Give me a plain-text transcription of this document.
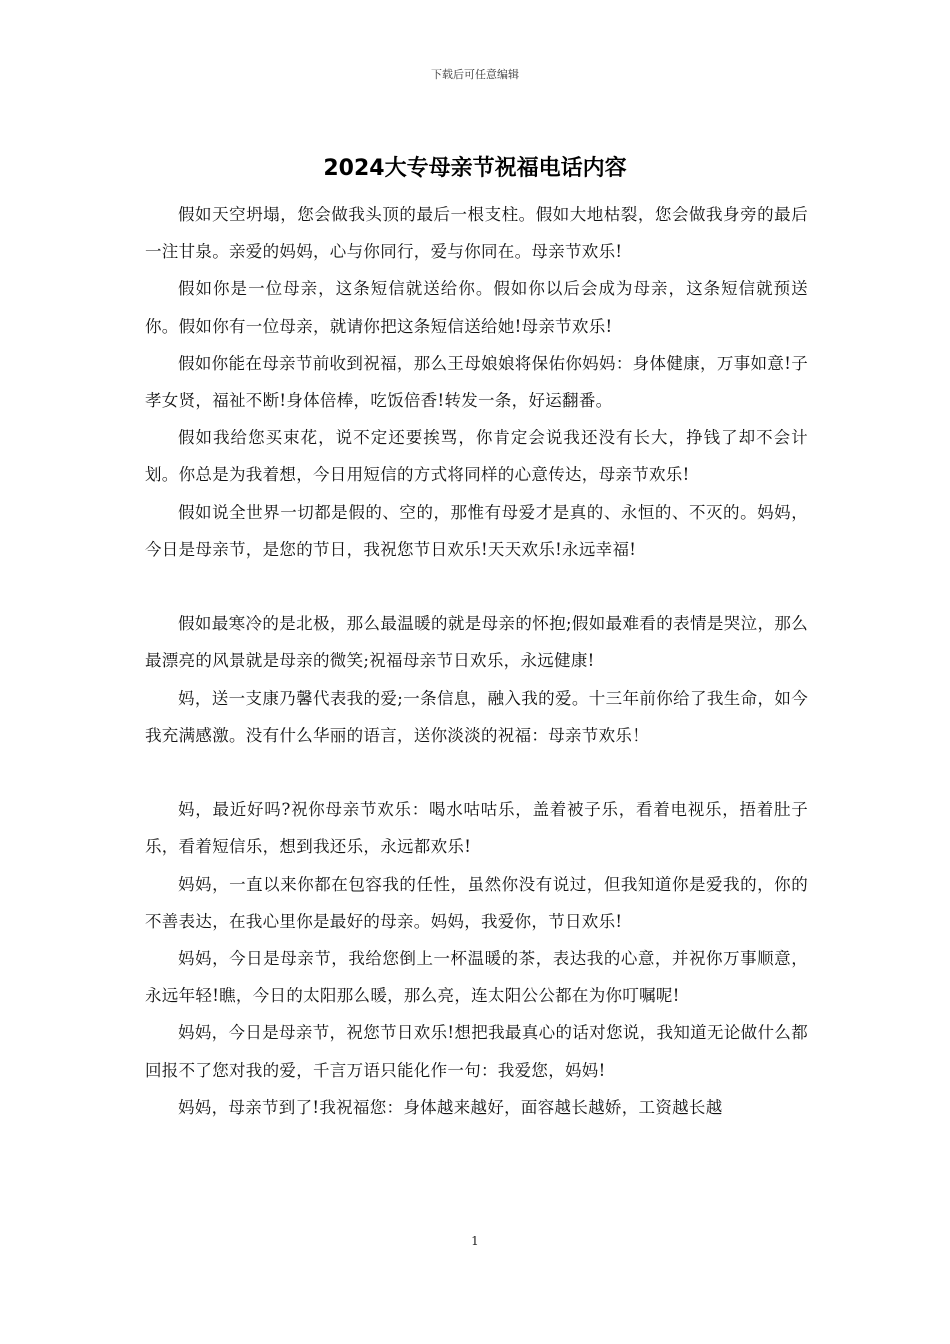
下载后可任意编辑
2024大专母亲节祝福电话内容

假如天空坍塌，您会做我头顶的最后一根支柱。假如大地枯裂，您会做我身旁的最后一注甘泉。亲爱的妈妈，心与你同行，爱与你同在。母亲节欢乐!

假如你是一位母亲，这条短信就送给你。假如你以后会成为母亲，这条短信就预送你。假如你有一位母亲，就请你把这条短信送给她!母亲节欢乐!

假如你能在母亲节前收到祝福，那么王母娘娘将保佑你妈妈：身体健康，万事如意!子孝女贤，福祉不断!身体倍棒，吃饭倍香!转发一条，好运翻番。

假如我给您买束花，说不定还要挨骂，你肯定会说我还没有长大，挣钱了却不会计划。你总是为我着想，今日用短信的方式将同样的心意传达，母亲节欢乐!

假如说全世界一切都是假的、空的，那惟有母爱才是真的、永恒的、不灭的。妈妈，今日是母亲节，是您的节日，我祝您节日欢乐!天天欢乐!永远幸福!

假如最寒冷的是北极，那么最温暖的就是母亲的怀抱;假如最难看的表情是哭泣，那么最漂亮的风景就是母亲的微笑;祝福母亲节日欢乐，永远健康!

妈，送一支康乃馨代表我的爱;一条信息，融入我的爱。十三年前你给了我生命，如今我充满感激。没有什么华丽的语言，送你淡淡的祝福：母亲节欢乐！

妈，最近好吗?祝你母亲节欢乐：喝水咕咕乐，盖着被子乐，看着电视乐，捂着肚子乐，看着短信乐，想到我还乐，永远都欢乐!

妈妈，一直以来你都在包容我的任性，虽然你没有说过，但我知道你是爱我的，你的不善表达，在我心里你是最好的母亲。妈妈，我爱你，节日欢乐!

妈妈，今日是母亲节，我给您倒上一杯温暖的茶，表达我的心意，并祝你万事顺意，永远年轻!瞧，今日的太阳那么暖，那么亮，连太阳公公都在为你叮嘱呢!

妈妈，今日是母亲节，祝您节日欢乐!想把我最真心的话对您说，我知道无论做什么都回报不了您对我的爱，千言万语只能化作一句：我爱您，妈妈!

妈妈，母亲节到了!我祝福您：身体越来越好，面容越长越娇，工资越长越

1
